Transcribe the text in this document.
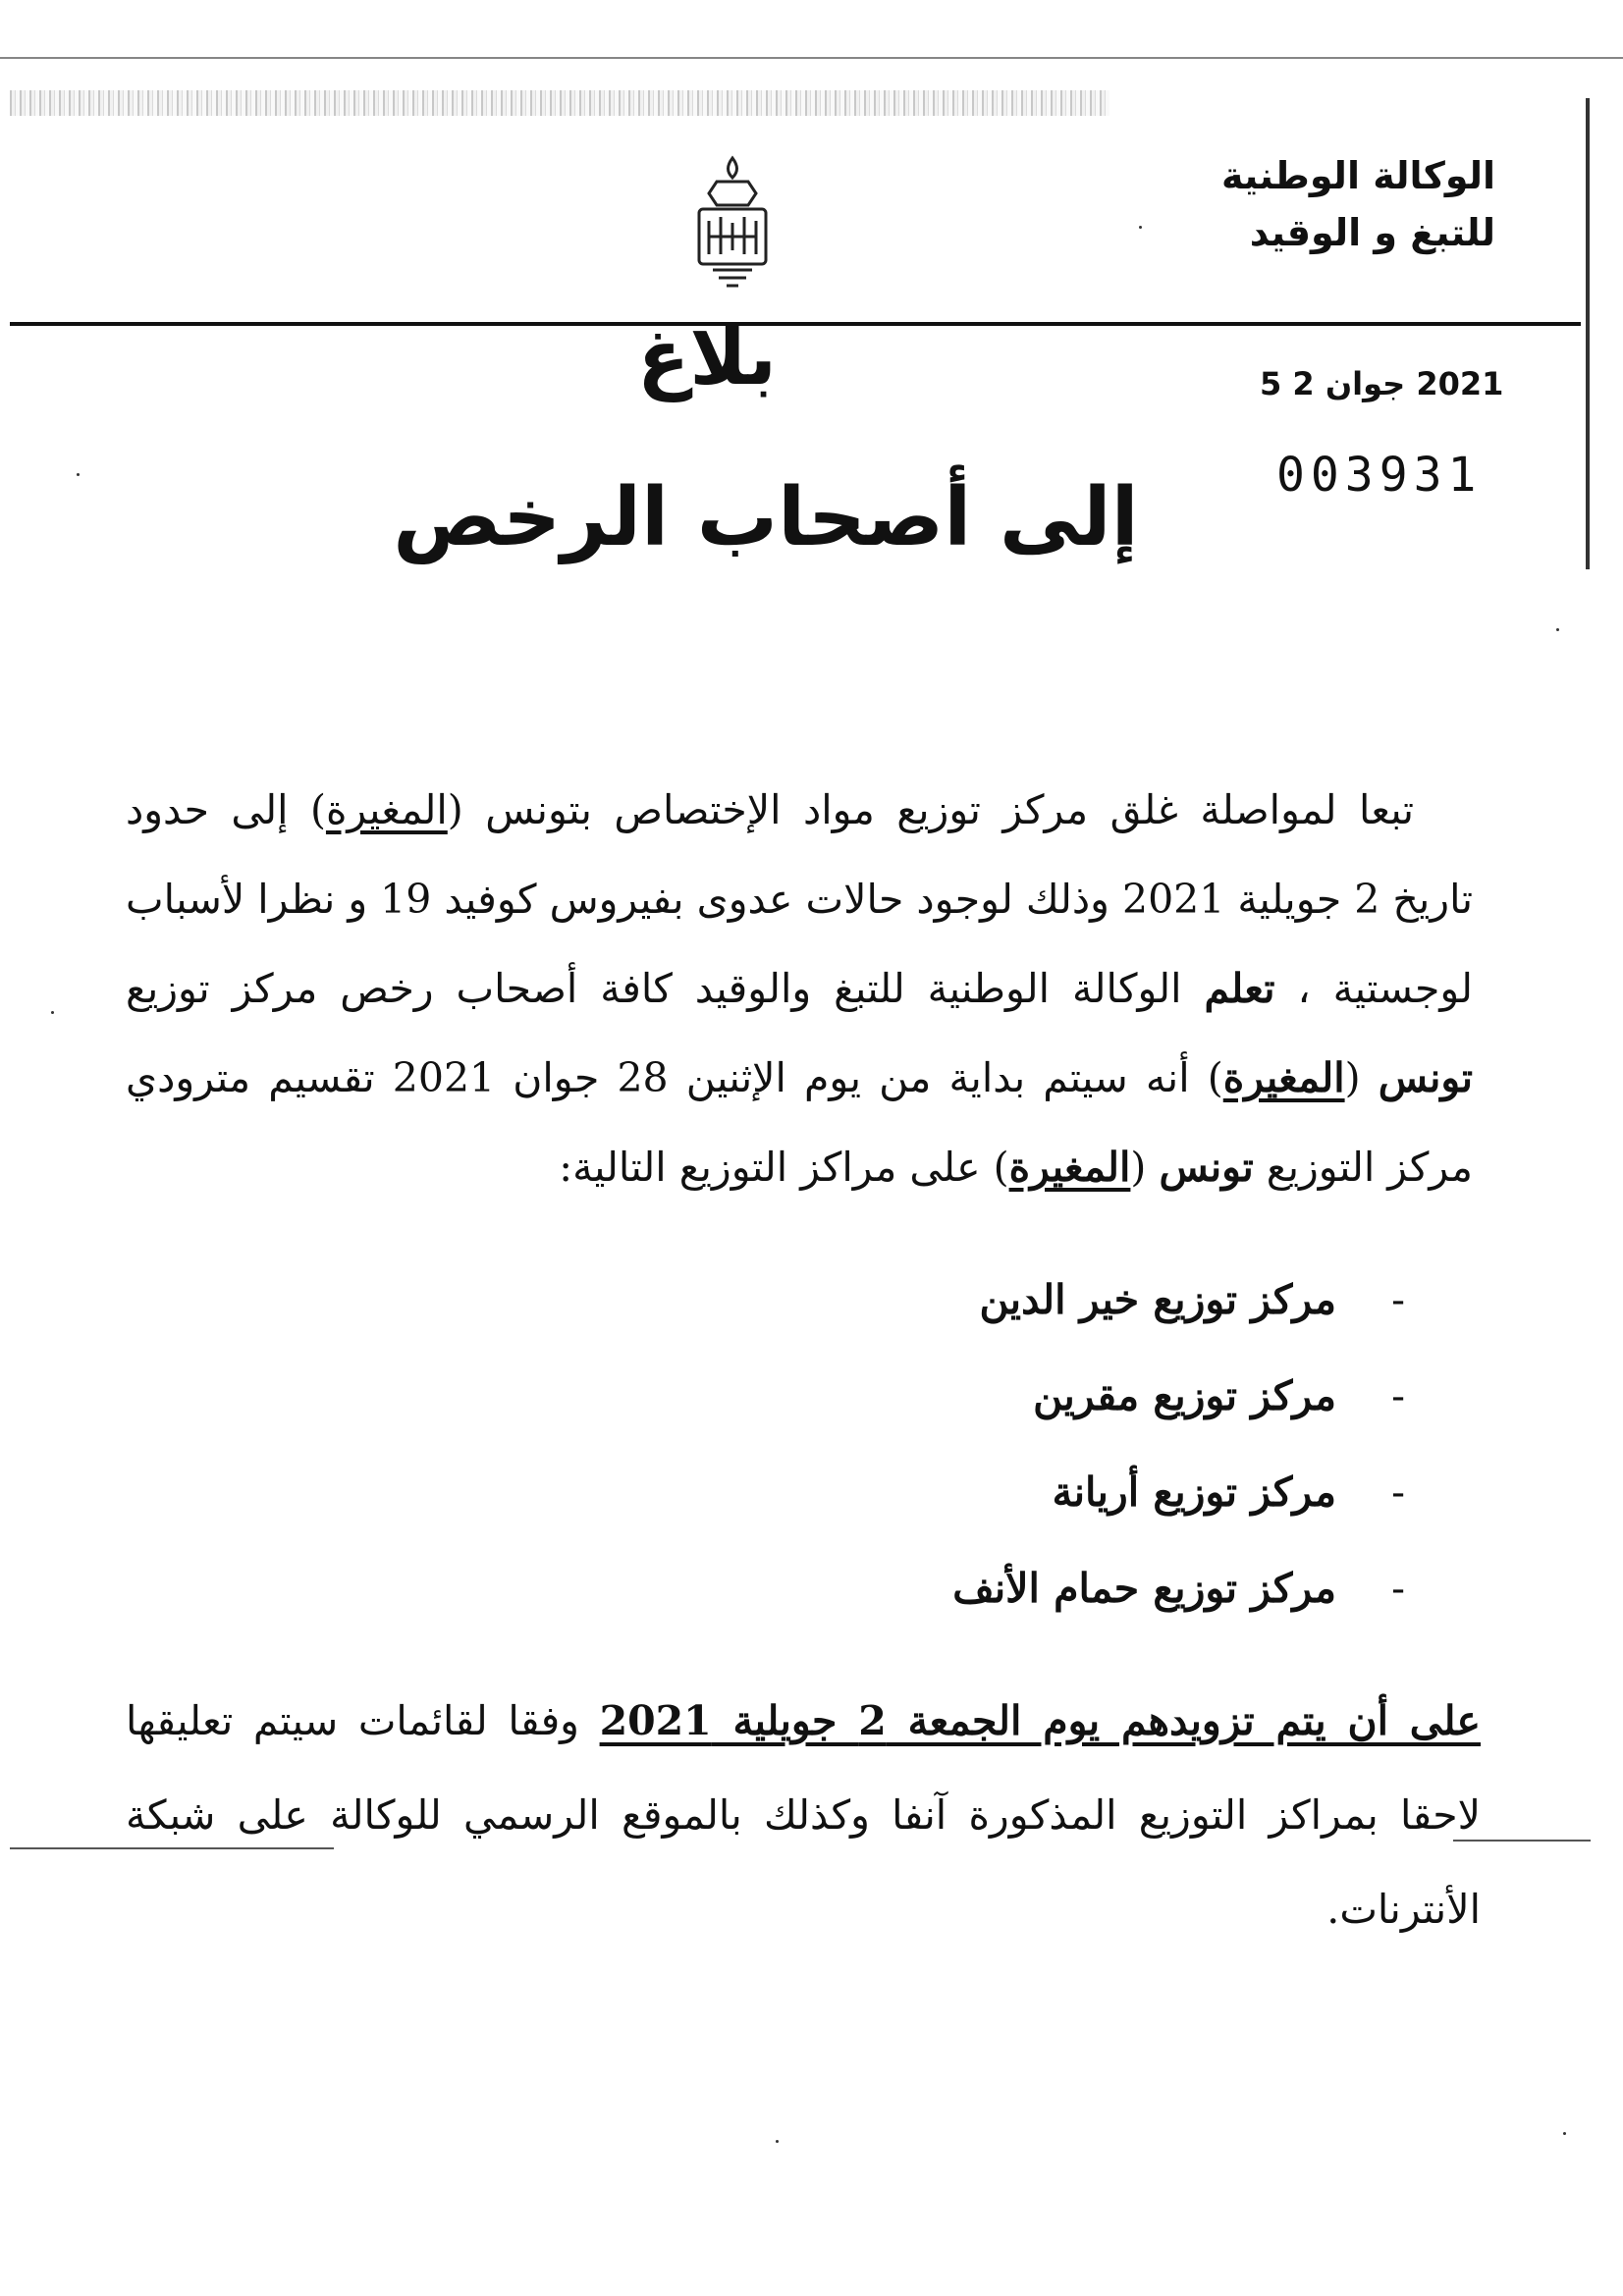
الوكالة الوطنية
للتبغ و الوقيد
بلاغ
إلى أصحاب الرخص
2021 جوان 2 5
003931

تبعا لمواصلة غلق مركز توزيع مواد الإختصاص بتونس (المغيرة) إلى حدود تاريخ 2 جويلية 2021 وذلك لوجود حالات عدوى بفيروس كوفيد 19 و نظرا لأسباب لوجستية ، تعلم الوكالة الوطنية للتبغ والوقيد كافة أصحاب رخص مركز توزيع تونس (المغيرة) أنه سيتم بداية من يوم الإثنين 28 جوان 2021 تقسيم مترودي مركز التوزيع تونس (المغيرة) على مراكز التوزيع التالية:

-مركز توزيع خير الدين
-مركز توزيع مقرين
-مركز توزيع أريانة
-مركز توزيع حمام الأنف
على أن يتم تزويدهم يوم الجمعة 2 جويلية 2021 وفقا لقائمات سيتم تعليقها لاحقا بمراكز التوزيع المذكورة آنفا وكذلك بالموقع الرسمي للوكالة على شبكة الأنترنات.
